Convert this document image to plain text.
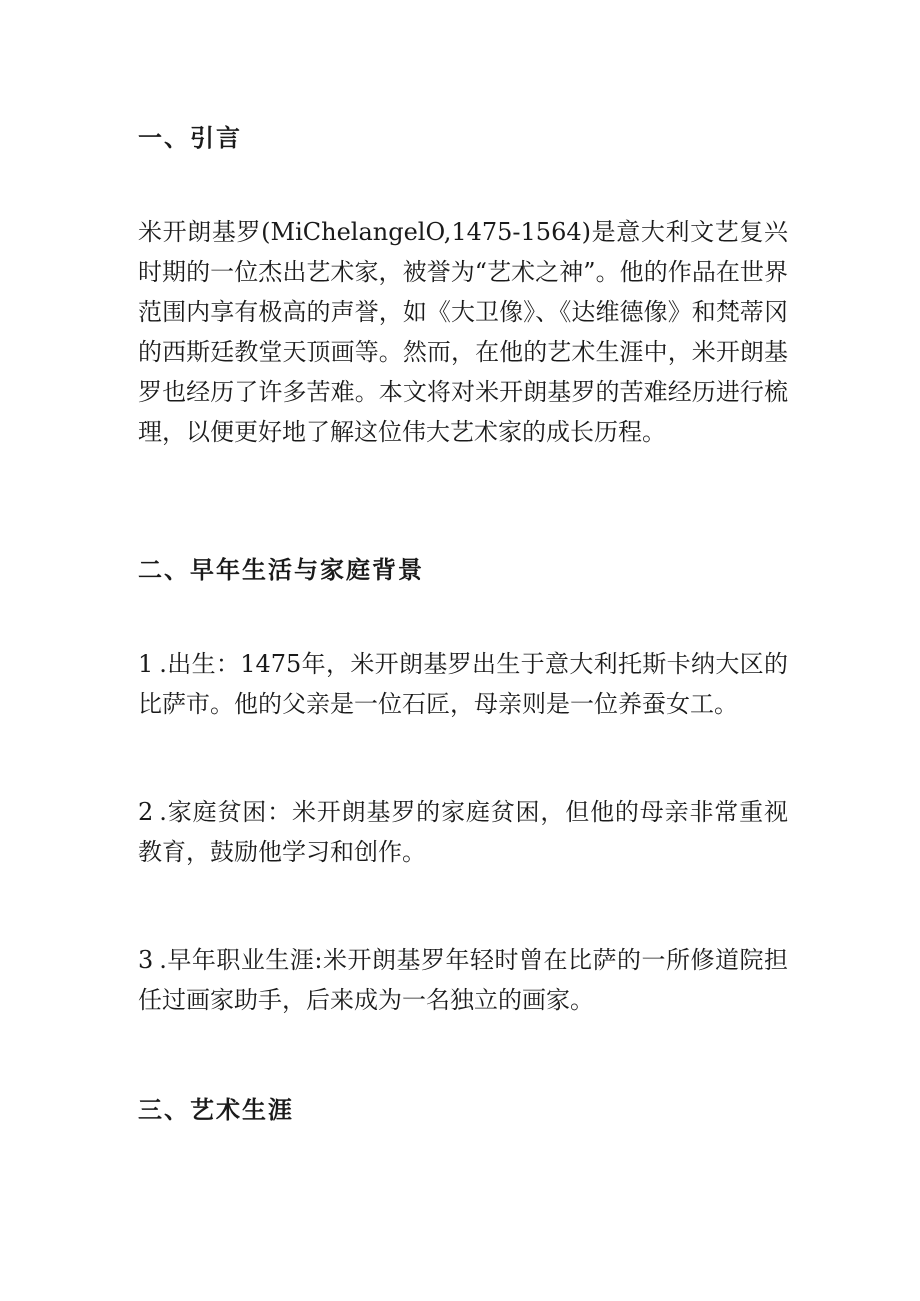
一、引言

米开朗基罗(MiChelangelO,1475-1564)是意大利文艺复兴时期的一位杰出艺术家，被誉为“艺术之神”。他的作品在世界范围内享有极高的声誉，如《大卫像》、《达维德像》和梵蒂冈的西斯廷教堂天顶画等。然而，在他的艺术生涯中，米开朗基罗也经历了许多苦难。本文将对米开朗基罗的苦难经历进行梳理，以便更好地了解这位伟大艺术家的成长历程。

二、早年生活与家庭背景

1 .出生：1475年，米开朗基罗出生于意大利托斯卡纳大区的比萨市。他的父亲是一位石匠，母亲则是一位养蚕女工。

2 .家庭贫困：米开朗基罗的家庭贫困，但他的母亲非常重视教育，鼓励他学习和创作。

3 .早年职业生涯:米开朗基罗年轻时曾在比萨的一所修道院担任过画家助手，后来成为一名独立的画家。

三、艺术生涯
